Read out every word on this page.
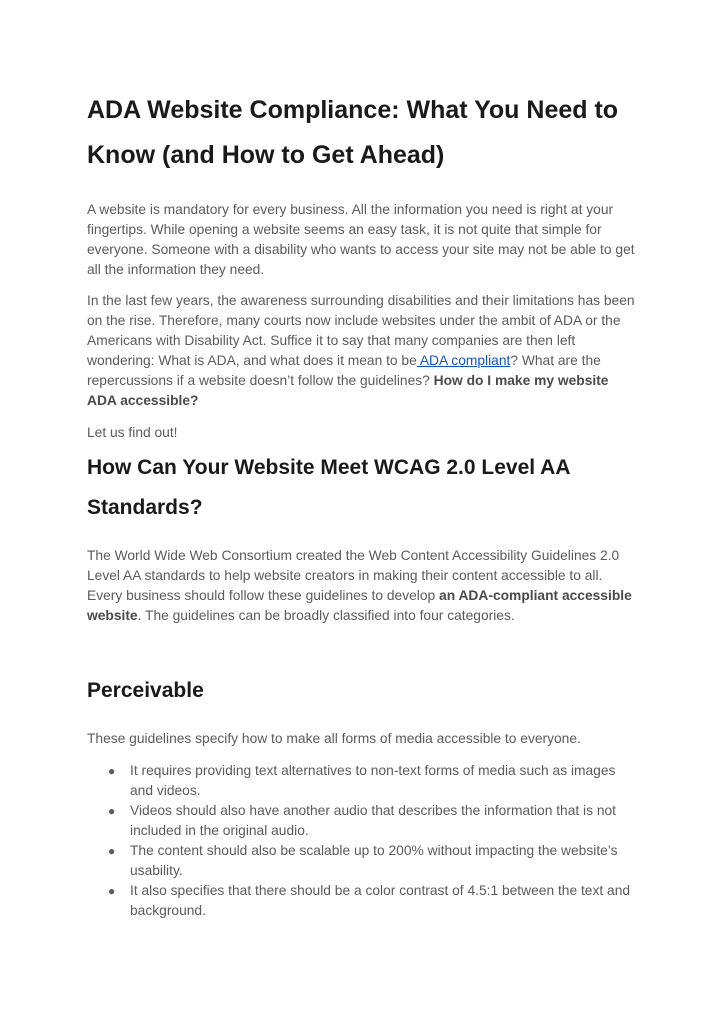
ADA Website Compliance: What You Need to Know (and How to Get Ahead)

A website is mandatory for every business. All the information you need is right at your fingertips. While opening a website seems an easy task, it is not quite that simple for everyone. Someone with a disability who wants to access your site may not be able to get all the information they need.

In the last few years, the awareness surrounding disabilities and their limitations has been on the rise. Therefore, many courts now include websites under the ambit of ADA or the Americans with Disability Act. Suffice it to say that many companies are then left wondering: What is ADA, and what does it mean to be ADA compliant? What are the repercussions if a website doesn’t follow the guidelines? How do I make my website ADA accessible?

Let us find out!

How Can Your Website Meet WCAG 2.0 Level AA Standards?

The World Wide Web Consortium created the Web Content Accessibility Guidelines 2.0 Level AA standards to help website creators in making their content accessible to all. Every business should follow these guidelines to develop an ADA-compliant accessible website. The guidelines can be broadly classified into four categories.

Perceivable

These guidelines specify how to make all forms of media accessible to everyone.

● It requires providing text alternatives to non-text forms of media such as images and videos.
● Videos should also have another audio that describes the information that is not included in the original audio.
● The content should also be scalable up to 200% without impacting the website’s usability.
● It also specifies that there should be a color contrast of 4.5:1 between the text and background.
